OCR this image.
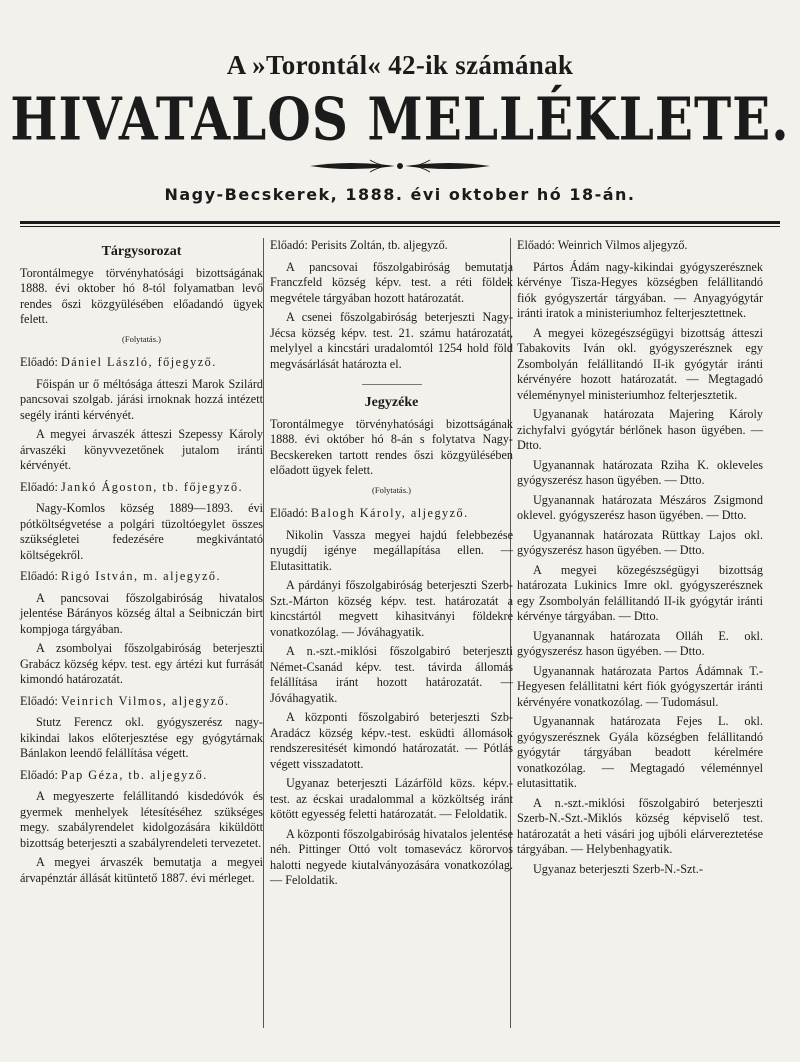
A »Torontál« 42-ik számának
HIVATALOS MELLÉKLETE.
Nagy-Becskerek, 1888. évi oktober hó 18-án.
Tárgysorozat

Torontálmegye törvényhatósági bizottságának 1888. évi oktober hó 8-tól folyamatban levő rendes őszi közgyülésében előadandó ügyek felett.

(Folytatás.)

Előadó: Dániel László, főjegyző.

Főispán ur ő méltósága átteszi Marok Szilárd pancsovai szolgab. járási irnoknak hozzá intézett segély iránti kérvényét.

A megyei árvaszék átteszi Szepessy Károly árvaszéki könyvvezetőnek jutalom iránti kérvényét.

Előadó: Jankó Ágoston, tb. főjegyző.

Nagy-Komlos község 1889—1893. évi pótköltségvetése a polgári tüzoltóegylet összes szükségletei fedezésére megkivántató költségekről.

Előadó: Rigó István, m. aljegyző.

A pancsovai főszolgabiróság hivatalos jelentése Bárányos község által a Seibniczán birt kompjoga tárgyában.

A zsombolyai főszolgabiróság beterjeszti Grabácz község képv. test. egy ártézi kut furrását kimondó határozatát.

Előadó: Veinrich Vilmos, aljegyző.

Stutz Ferencz okl. gyógyszerész nagy-kikindai lakos előterjesztése egy gyógytárnak Bánlakon leendő felállítása végett.

Előadó: Pap Géza, tb. aljegyző.

A megyeszerte felállitandó kisdedóvók és gyermek menhelyek létesítéséhez szükséges megy. szabályrendelet kidolgozására kiküldött bizottság beterjeszti a szabályrendeleti tervezetet.

A megyei árvaszék bemutatja a megyei árvapénztár állását kitüntető 1887. évi mérleget.

Előadó: Perisits Zoltán, tb. aljegyző.

A pancsovai főszolgabiróság bemutatja Franczfeld község képv. test. a réti földek megvétele tárgyában hozott határozatát.

A csenei főszolgabiróság beterjeszti Nagy-Jécsa község képv. test. 21. számu határozatát, melylyel a kincstári uradalomtól 1254 hold föld megvásárlását határozta el.

Jegyzéke

Torontálmegye törvényhatósági bizottságának 1888. évi október hó 8-án s folytatva Nagy-Becskereken tartott rendes őszi közgyülésében előadott ügyek felett.

(Folytatás.)

Előadó: Balogh Károly, aljegyző.

Nikolin Vassza megyei hajdú felebbezése nyugdíj igénye megállapítása ellen. — Elutasittatik.

A párdányi főszolgabiróság beterjeszti Szerb-Szt.-Márton község képv. test. határozatát a kincstártól megvett kihasitványi földekre vonatkozólag. — Jóváhagyatik.

A n.-szt.-miklósi főszolgabiró beterjeszti Német-Csanád képv. test. távirda állomás felállítása iránt hozott határozatát. — Jóváhagyatik.

A központi főszolgabiró beterjeszti Szb-Aradácz község képv.-test. esküdti állomások rendszeresitését kimondó határozatát. — Pótlás végett visszadatott.

Ugyanaz beterjeszti Lázárföld közs. képv.-test. az écskai uradalommal a közköltség iránt kötött egyesség feletti határozatát. — Feloldatik.

A központi főszolgabiróság hivatalos jelentése néh. Pittinger Ottó volt tomasevácz körorvos halotti negyede kiutalványozására vonatkozólag. — Feloldatik.

Előadó: Weinrich Vilmos aljegyző.

Pártos Ádám nagy-kikindai gyógyszerésznek kérvénye Tisza-Hegyes községben felállitandó fiók gyógyszertár tárgyában. — Anyagyógytár iránti iratok a ministeriumhoz felterjesztettnek.

A megyei közegészségügyi bizottság átteszi Tabakovits Iván okl. gyógyszerésznek egy Zsombolyán felállitandó II-ik gyógytár iránti kérvényére hozott határozatát. — Megtagadó véleménynyel ministeriumhoz felterjesztetik.

Ugyananak határozata Majering Károly zichyfalvi gyógytár bérlőnek hason ügyében. — Dtto.

Ugyanannak határozata Rziha K. okleveles gyógyszerész hason ügyében. — Dtto.

Ugyanannak határozata Mészáros Zsigmond oklevel. gyógyszerész hason ügyében. — Dtto.

Ugyanannak határozata Rüttkay Lajos okl. gyógyszerész hason ügyében. — Dtto.

A megyei közegészségügyi bizottság határozata Lukinics Imre okl. gyógyszerésznek egy Zsombolyán felállitandó II-ik gyógytár iránti kérvénye tárgyában. — Dtto.

Ugyanannak határozata Olláh E. okl. gyógyszerész hason ügyében. — Dtto.

Ugyanannak határozata Partos Ádámnak T.-Hegyesen felállitatni kért fiók gyógyszertár iránti kérvényére vonatkozólag. — Tudomásul.

Ugyanannak határozata Fejes L. okl. gyógyszerésznek Gyála községben felállitandó gyógytár tárgyában beadott kérelmére vonatkozólag. — Megtagadó véleménnyel elutasittatik.

A n.-szt.-miklósi főszolgabiró beterjeszti Szerb-N.-Szt.-Miklós község képviselő test. határozatát a heti vásári jog ujbóli elárvereztetése tárgyában. — Helybenhagyatik.

Ugyanaz beterjeszti Szerb-N.-Szt.-
